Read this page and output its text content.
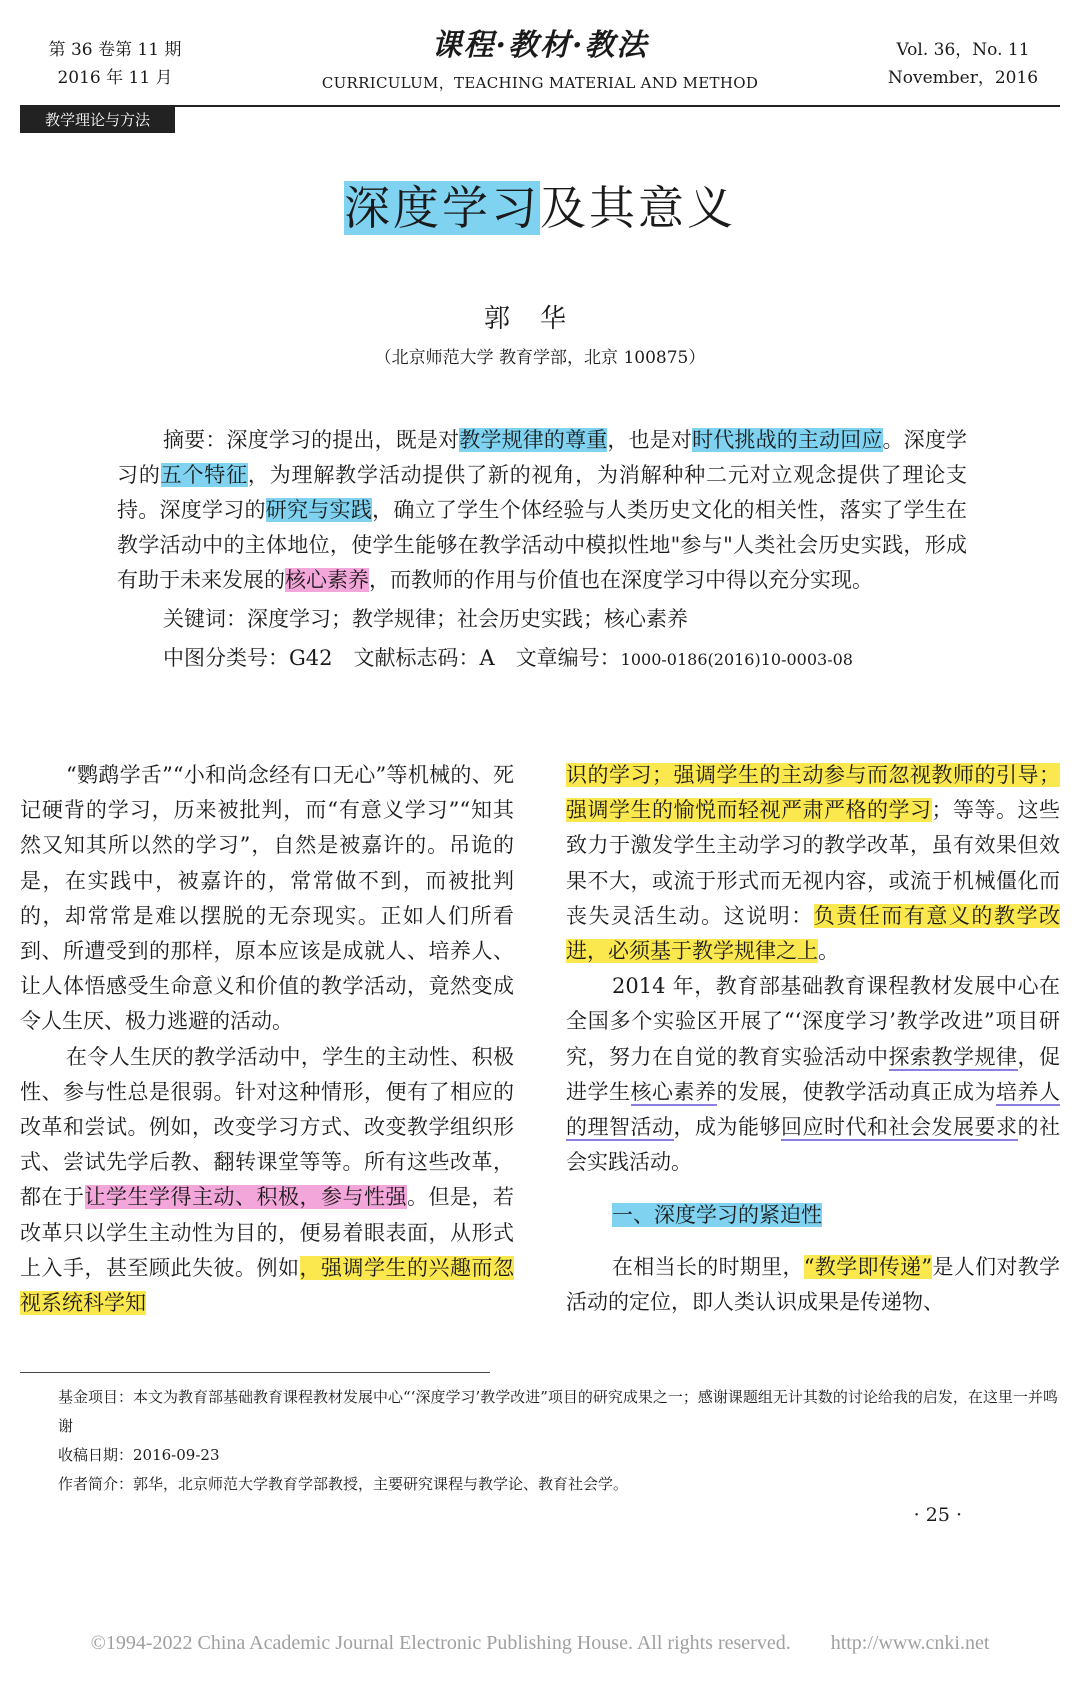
第 36 卷第 11 期
2016 年 11 月
课程·教材·教法
CURRICULUM，TEACHING MATERIAL AND METHOD
Vol. 36，No. 11
November，2016
教学理论与方法
深度学习及其意义
郭华
（北京师范大学 教育学部，北京 100875）

摘要：深度学习的提出，既是对教学规律的尊重，也是对时代挑战的主动回应。深度学习的五个特征，为理解教学活动提供了新的视角，为消解种种二元对立观念提供了理论支持。深度学习的研究与实践，确立了学生个体经验与人类历史文化的相关性，落实了学生在教学活动中的主体地位，使学生能够在教学活动中模拟性地"参与"人类社会历史实践，形成有助于未来发展的核心素养，而教师的作用与价值也在深度学习中得以充分实现。

关键词：深度学习；教学规律；社会历史实践；核心素养
中图分类号：G42　文献标志码：A　文章编号：1000-0186(2016)10-0003-08

“鹦鹉学舌”“小和尚念经有口无心”等机械的、死记硬背的学习，历来被批判，而“有意义学习”“知其然又知其所以然的学习”，自然是被嘉许的。吊诡的是，在实践中，被嘉许的，常常做不到，而被批判的，却常常是难以摆脱的无奈现实。正如人们所看到、所遭受到的那样，原本应该是成就人、培养人、让人体悟感受生命意义和价值的教学活动，竟然变成令人生厌、极力逃避的活动。

在令人生厌的教学活动中，学生的主动性、积极性、参与性总是很弱。针对这种情形，便有了相应的改革和尝试。例如，改变学习方式、改变教学组织形式、尝试先学后教、翻转课堂等等。所有这些改革，都在于让学生学得主动、积极，参与性强。但是，若改革只以学生主动性为目的，便易着眼表面，从形式上入手，甚至顾此失彼。例如，强调学生的兴趣而忽视系统科学知

识的学习；强调学生的主动参与而忽视教师的引导；强调学生的愉悦而轻视严肃严格的学习；等等。这些致力于激发学生主动学习的教学改革，虽有效果但效果不大，或流于形式而无视内容，或流于机械僵化而丧失灵活生动。这说明：负责任而有意义的教学改进，必须基于教学规律之上。

2014 年，教育部基础教育课程教材发展中心在全国多个实验区开展了“‘深度学习’教学改进”项目研究，努力在自觉的教育实验活动中探索教学规律，促进学生核心素养的发展，使教学活动真正成为培养人的理智活动，成为能够回应时代和社会发展要求的社会实践活动。

一、深度学习的紧迫性

在相当长的时期里，“教学即传递”是人们对教学活动的定位，即人类认识成果是传递物、

基金项目：本文为教育部基础教育课程教材发展中心“‘深度学习’教学改进”项目的研究成果之一；感谢课题组无计其数的讨论给我的启发，在这里一并鸣谢

收稿日期：2016-09-23

作者简介：郭华，北京师范大学教育学部教授，主要研究课程与教学论、教育社会学。

· 25 ·
©1994-2022 China Academic Journal Electronic Publishing House. All rights reserved.　　http://www.cnki.net
